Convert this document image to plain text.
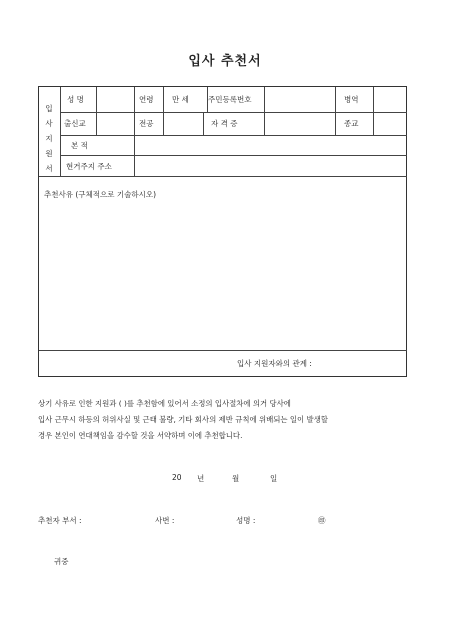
입사 추천서
입사지원서
성 명	연령 만 세	주민등록번호	병역
출신교	전공	자 격 증	종교
본 적
현거주지 주소
추천사유 (구체적으로 기술하시오)
입사 지원자와의 관계 :
상기 사유로 인한 지원과 ( )를 추천함에 있어서 소정의 입사절차에 의거 당사에
입사 근무시 하등의 허위사실 및 근태 불량, 기타 회사의 제반 규칙에 위배되는 일이 발생할
경우 본인이 연대책임을 감수할 것을 서약하며 이에 추천합니다.
20 년	월	일
추천자 부서 :	사번 :	성명 :	㊞
귀중
